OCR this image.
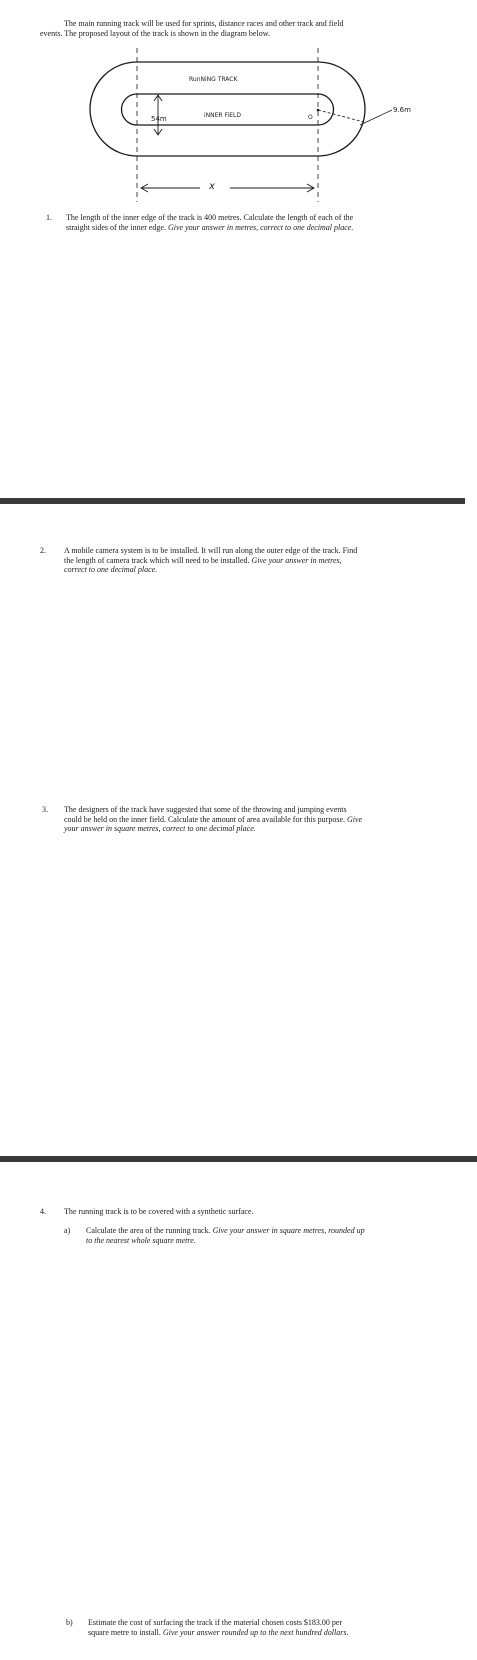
The main running track will be used for sprints, distance races and other track and field
events. The proposed layout of the track is shown in the diagram below.
RunNiNG TRACK
iNNER FiELD
54m	O
9.6m
x
1. The length of the inner edge of the track is 400 metres. Calculate the length of each of the
straight sides of the inner edge. Give your answer in metres, correct to one decimal place.
2. A mobile camera system is to be installed. It will run along the outer edge of the track. Find
the length of camera track which will need to be installed. Give your answer in metres,
correct to one decimal place.
3. The designers of the track have suggested that some of the throwing and jumping events
could be held on the inner field. Calculate the amount of area available for this purpose. Give
your answer in square metres, correct to one decimal place.
4. The running track is to be covered with a synthetic surface.
a) Calculate the area of the running track. Give your answer in square metres, rounded up
to the nearest whole square metre.
b) Estimate the cost of surfacing the track if the material chosen costs $183.00 per
square metre to install. Give your answer rounded up to the next hundred dollars.
